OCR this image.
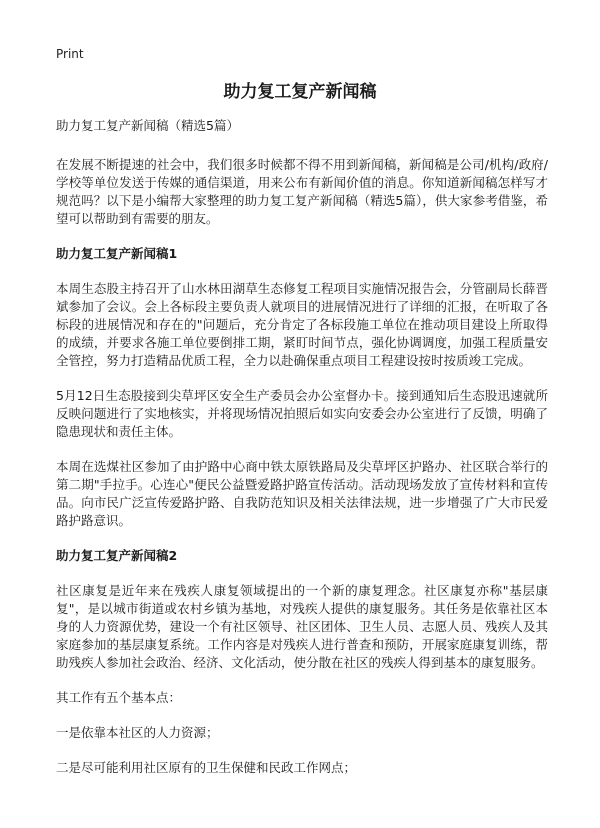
Print
助力复工复产新闻稿

助力复工复产新闻稿（精选5篇）

在发展不断提速的社会中，我们很多时候都不得不用到新闻稿，新闻稿是公司/机构/政府/学校等单位发送于传媒的通信渠道，用来公布有新闻价值的消息。你知道新闻稿怎样写才规范吗？以下是小编帮大家整理的助力复工复产新闻稿（精选5篇），供大家参考借鉴，希望可以帮助到有需要的朋友。

助力复工复产新闻稿1

本周生态股主持召开了山水林田湖草生态修复工程项目实施情况报告会，分管副局长薛晋斌参加了会议。会上各标段主要负责人就项目的进展情况进行了详细的汇报，在听取了各标段的进展情况和存在的"问题后，充分肯定了各标段施工单位在推动项目建设上所取得的成绩，并要求各施工单位要倒排工期，紧盯时间节点，强化协调调度，加强工程质量安全管控，努力打造精品优质工程，全力以赴确保重点项目工程建设按时按质竣工完成。

5月12日生态股接到尖草坪区安全生产委员会办公室督办卡。接到通知后生态股迅速就所反映问题进行了实地核实，并将现场情况拍照后如实向安委会办公室进行了反馈，明确了隐患现状和责任主体。

本周在选煤社区参加了由护路中心商中铁太原铁路局及尖草坪区护路办、社区联合举行的第二期"手拉手。心连心"便民公益暨爱路护路宣传活动。活动现场发放了宣传材料和宣传品。向市民广泛宣传爱路护路、自我防范知识及相关法律法规，进一步增强了广大市民爱路护路意识。

助力复工复产新闻稿2

社区康复是近年来在残疾人康复领域提出的一个新的康复理念。社区康复亦称"基层康复"，是以城市街道或农村乡镇为基地，对残疾人提供的康复服务。其任务是依靠社区本身的人力资源优势，建设一个有社区领导、社区团体、卫生人员、志愿人员、残疾人及其家庭参加的基层康复系统。工作内容是对残疾人进行普查和预防，开展家庭康复训练，帮助残疾人参加社会政治、经济、文化活动，使分散在社区的残疾人得到基本的康复服务。

其工作有五个基本点：

一是依靠本社区的人力资源；

二是尽可能利用社区原有的卫生保健和民政工作网点；
